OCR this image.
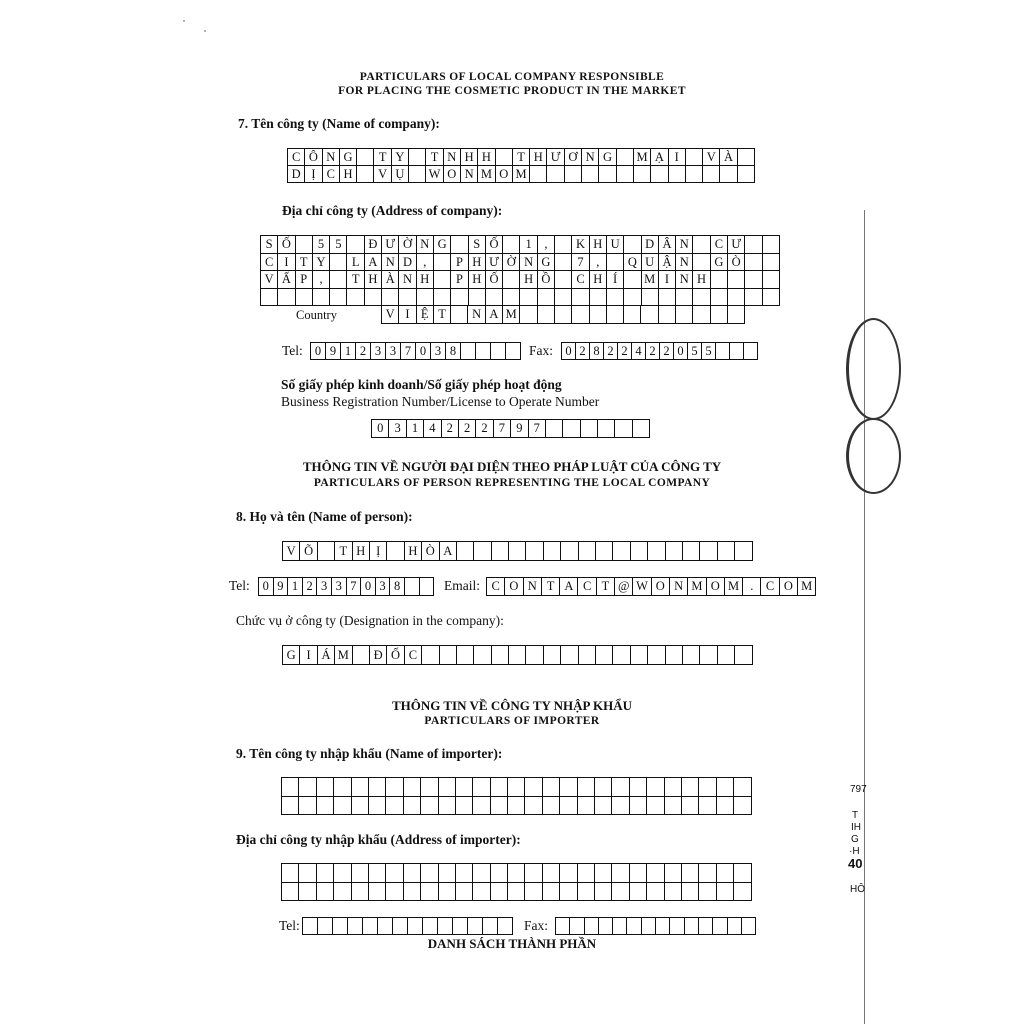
PARTICULARS OF LOCAL COMPANY RESPONSIBLE
FOR PLACING THE COSMETIC PRODUCT IN THE MARKET
7. Tên công ty (Name of company):
C Ô N G	T Y	T N H H	T H Ư Ơ N G	M Ạ I	V À
D Ị C H	V Ụ	W O N M O M
Địa chỉ công ty (Address of company):
S Ố	5 5	Đ Ư Ờ N G	S Ố	1	,	K H U	D Â N	C Ư
C I T Y	L A N D ,	P H Ư Ờ N G	7	,	Q U Ậ N	G Ò
V Ấ P ,	T H À N H	P H Ố	H Ồ	C H Í	M I N H
Country	V I Ệ T	N A M
Tel: 0 9 1 2 3 3 7 0 3 8	Fax: 0 2 8 2 2 4 2 2 0 5 5
Số giấy phép kinh doanh/Số giấy phép hoạt động
Business Registration Number/License to Operate Number
0 3 1 4 2 2 2 7 9 7
THÔNG TIN VỀ NGƯỜI ĐẠI DIỆN THEO PHÁP LUẬT CỦA CÔNG TY
PARTICULARS OF PERSON REPRESENTING THE LOCAL COMPANY
8. Họ và tên (Name of person):
V Õ	T H Ị	H Ò A
Tel: 0 9 1 2 3 3 7 0 3 8	Email: C O N T A C T @ W O N M O M .	C O M
Chức vụ ở công ty (Designation in the company):
G I Á M Đ Ố C
THÔNG TIN VỀ CÔNG TY NHẬP KHẨU
PARTICULARS OF IMPORTER
9. Tên công ty nhập khẩu (Name of importer):
Địa chỉ công ty nhập khẩu (Address of importer):
Tel:	Fax:
DANH SÁCH THÀNH PHẦN
797
T
IH
G
·H
40
HÔ
